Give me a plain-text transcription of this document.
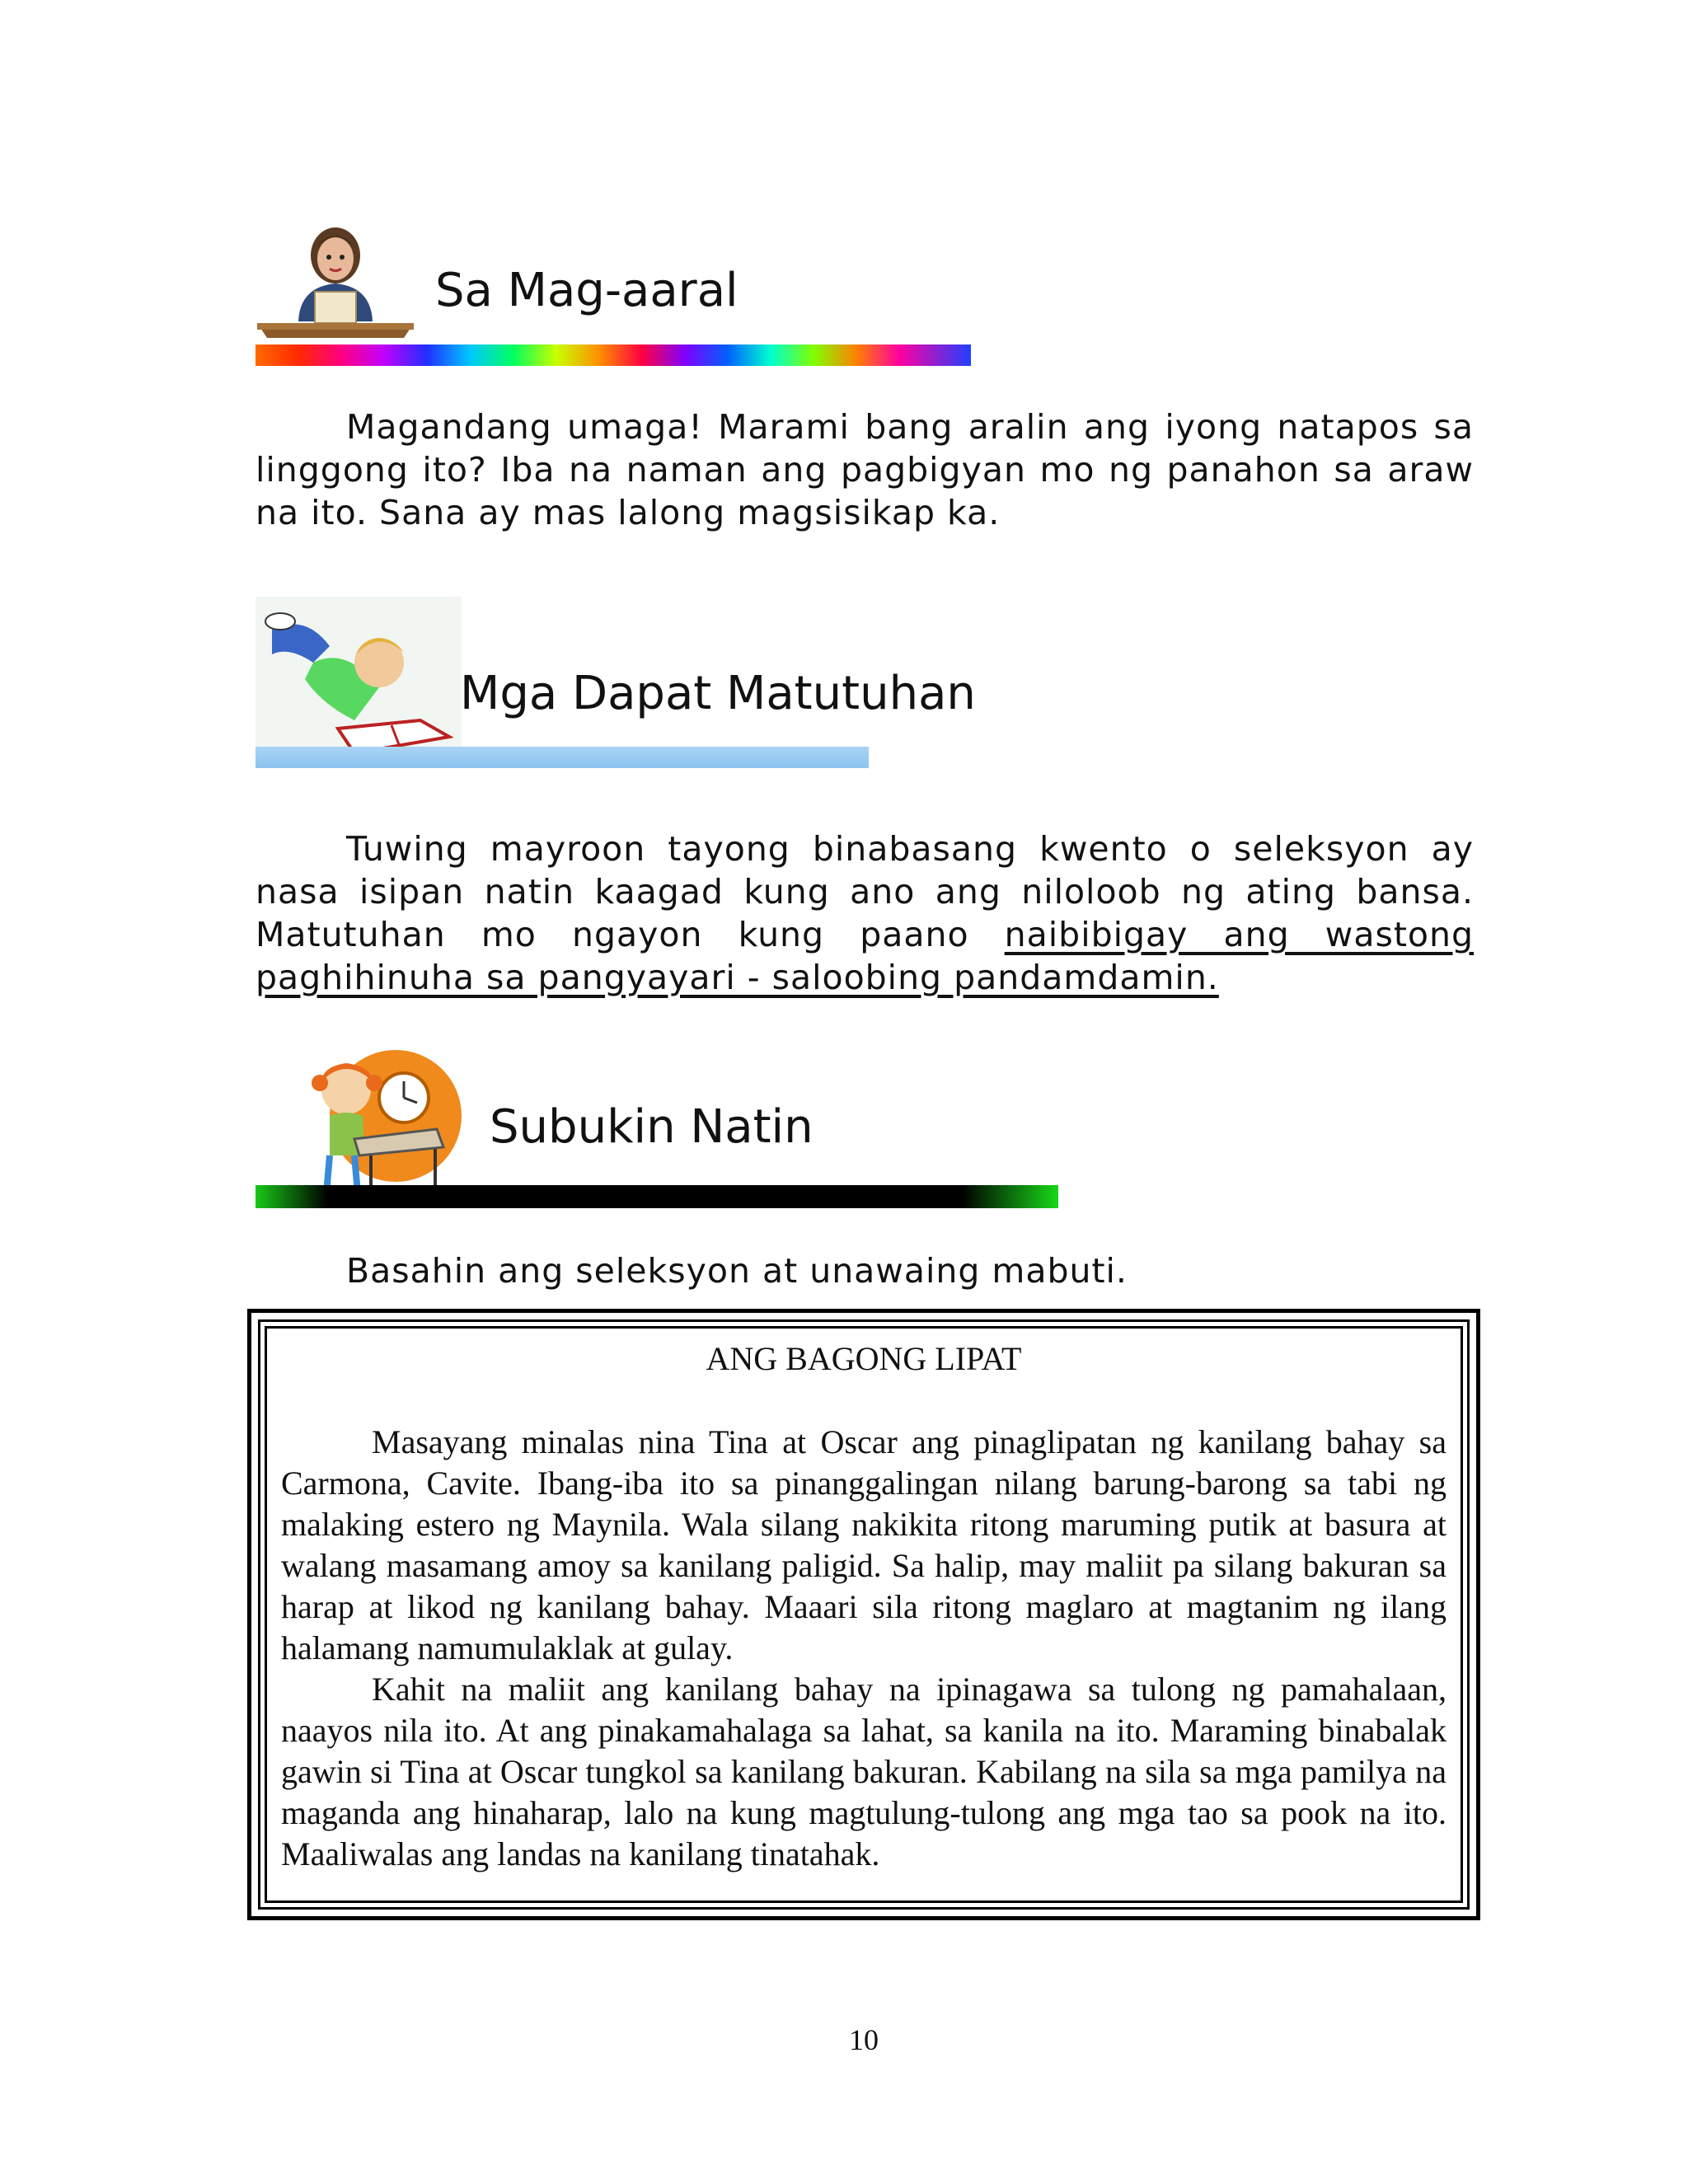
Sa Mag-aaral
Magandang umaga! Marami bang aralin ang iyong natapos sa linggong ito? Iba na naman ang pagbigyan mo ng panahon sa araw na ito. Sana ay mas lalong magsisikap ka.
Mga Dapat Matutuhan
Tuwing mayroon tayong binabasang kwento o seleksyon ay nasa isipan natin kaagad kung ano ang niloloob ng ating bansa. Matutuhan mo ngayon kung paano naibibigay ang wastong paghihinuha sa pangyayari - saloobing pandamdamin.
Subukin Natin
Basahin ang seleksyon at unawaing mabuti.
ANG BAGONG LIPAT

Masayang minalas nina Tina at Oscar ang pinaglipatan ng kanilang bahay sa Carmona, Cavite. Ibang-iba ito sa pinanggalingan nilang barung-barong sa tabi ng malaking estero ng Maynila. Wala silang nakikita ritong maruming putik at basura at walang masamang amoy sa kanilang paligid. Sa halip, may maliit pa silang bakuran sa harap at likod ng kanilang bahay. Maaari sila ritong maglaro at magtanim ng ilang halamang namumulaklak at gulay.

Kahit na maliit ang kanilang bahay na ipinagawa sa tulong ng pamahalaan, naayos nila ito. At ang pinakamahalaga sa lahat, sa kanila na ito. Maraming binabalak gawin si Tina at Oscar tungkol sa kanilang bakuran. Kabilang na sila sa mga pamilya na maganda ang hinaharap, lalo na kung magtulung-tulong ang mga tao sa pook na ito. Maaliwalas ang landas na kanilang tinatahak.

10
